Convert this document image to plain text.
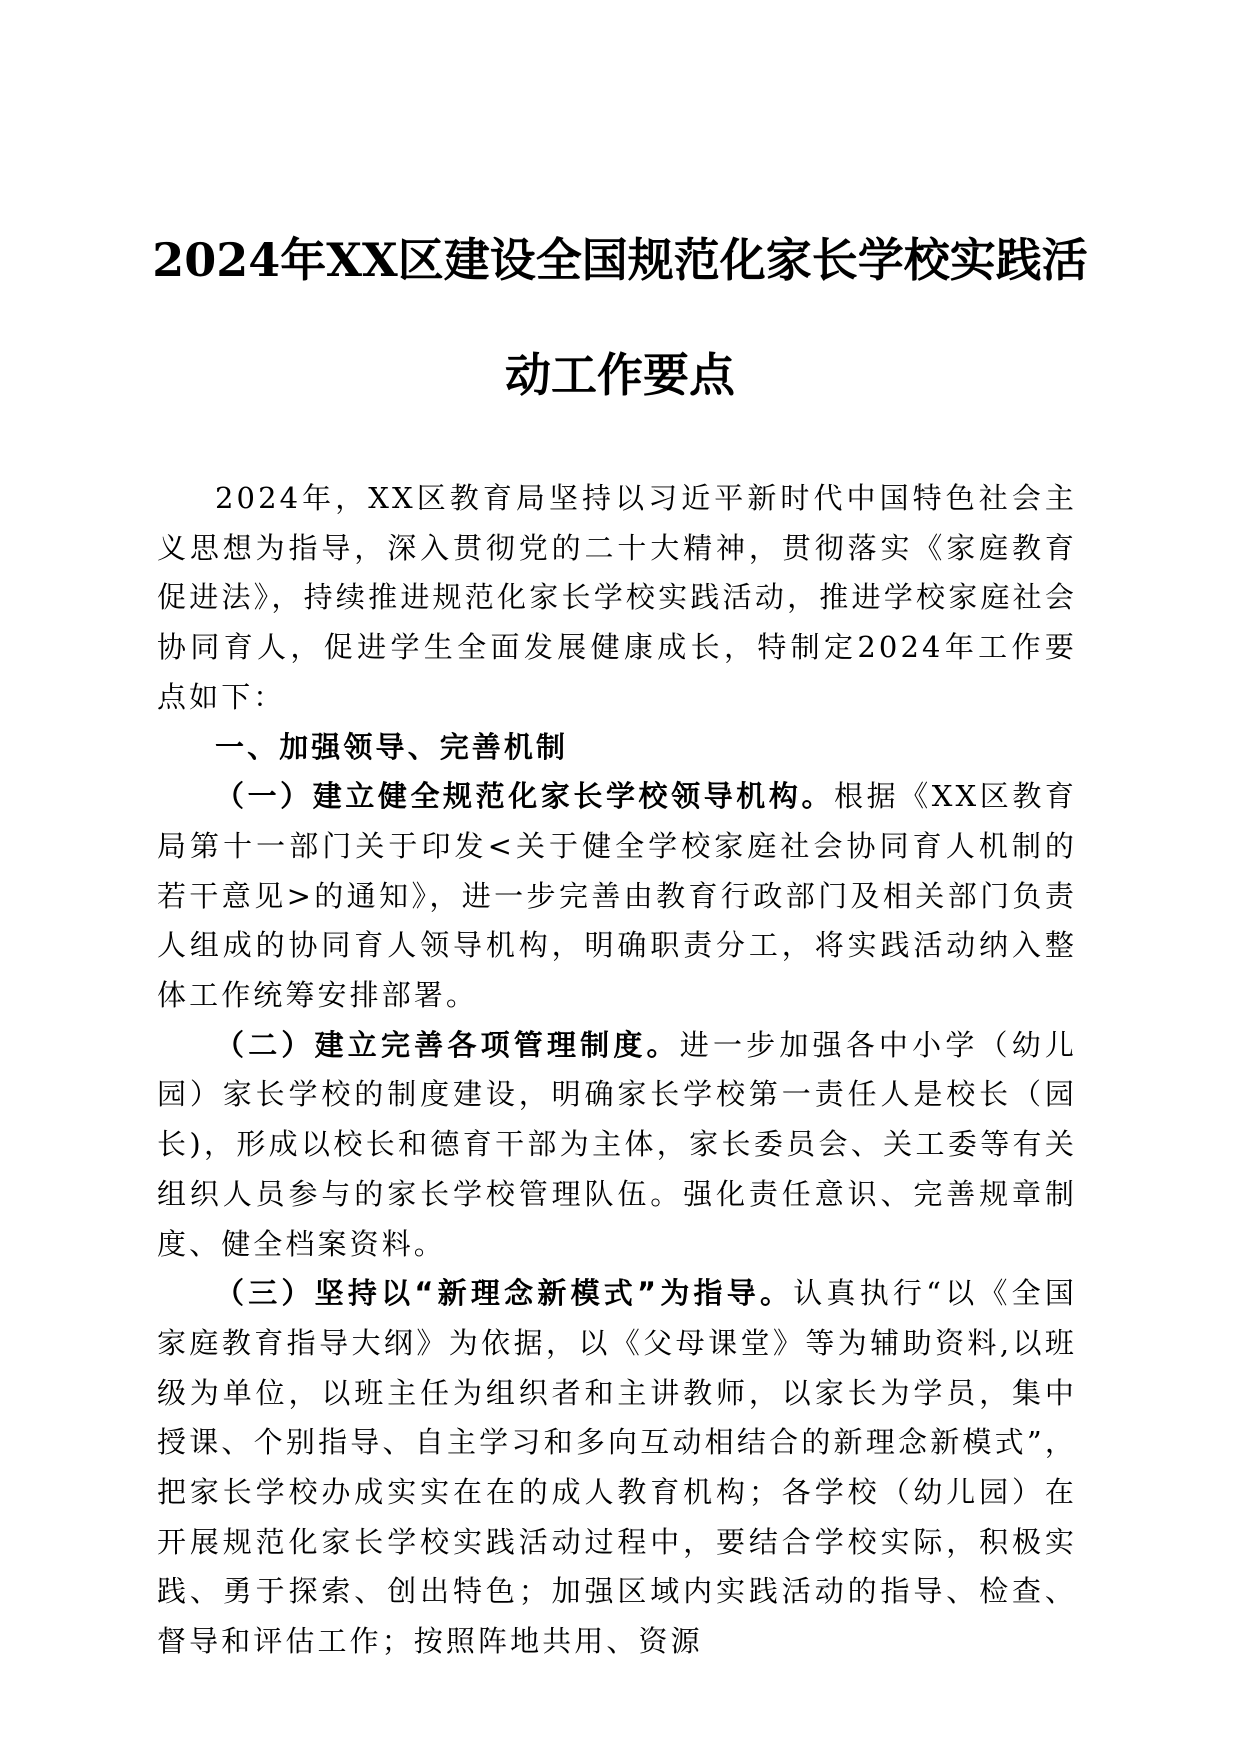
2024年XX区建设全国规范化家长学校实践活
动工作要点

2024年，XX区教育局坚持以习近平新时代中国特色社会主义思想为指导，深入贯彻党的二十大精神，贯彻落实《家庭教育促进法》，持续推进规范化家长学校实践活动，推进学校家庭社会协同育人，促进学生全面发展健康成长，特制定2024年工作要点如下：

一、加强领导、完善机制

（一）建立健全规范化家长学校领导机构。根据《XX区教育局第十一部门关于印发<关于健全学校家庭社会协同育人机制的若干意见>的通知》，进一步完善由教育行政部门及相关部门负责人组成的协同育人领导机构，明确职责分工，将实践活动纳入整体工作统筹安排部署。

（二）建立完善各项管理制度。进一步加强各中小学（幼儿园）家长学校的制度建设，明确家长学校第一责任人是校长（园长)，形成以校长和德育干部为主体，家长委员会、关工委等有关组织人员参与的家长学校管理队伍。强化责任意识、完善规章制度、健全档案资料。

（三）坚持以“新理念新模式”为指导。认真执行“以《全国家庭教育指导大纲》为依据，以《父母课堂》等为辅助资料,以班级为单位，以班主任为组织者和主讲教师，以家长为学员，集中授课、个别指导、自主学习和多向互动相结合的新理念新模式”，把家长学校办成实实在在的成人教育机构；各学校（幼儿园）在开展规范化家长学校实践活动过程中，要结合学校实际，积极实践、勇于探索、创出特色；加强区域内实践活动的指导、检查、督导和评估工作；按照阵地共用、资源
